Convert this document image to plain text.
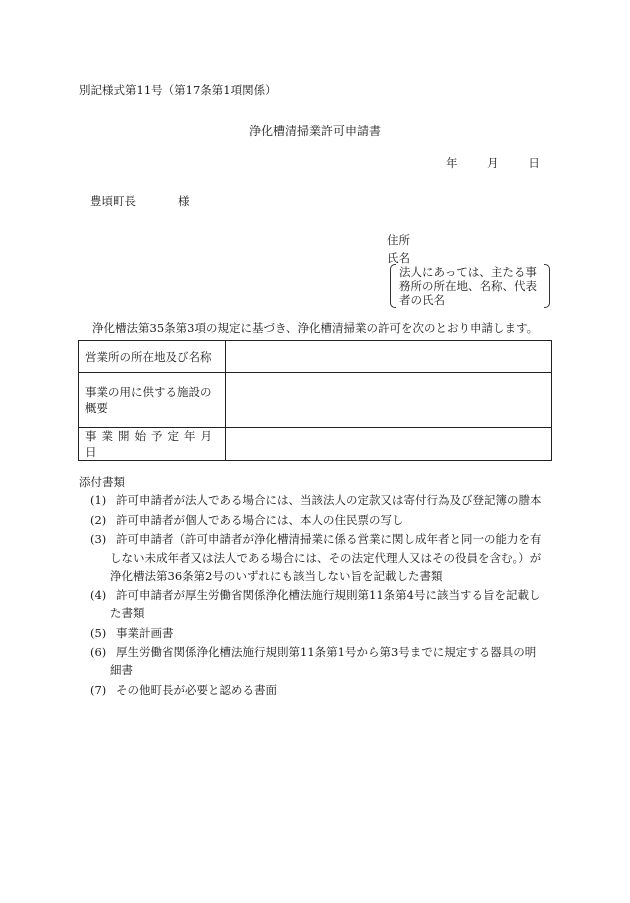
別記様式第11号（第17条第1項関係）
浄化槽清掃業許可申請書
年	月	日
豊頃町長	様
住所
氏名
法人にあっては、主たる事務所の所在地、名称、代表者の氏名
浄化槽法第35条第3項の規定に基づき、浄化槽清掃業の許可を次のとおり申請します。
営業所の所在地及び名称	
事業の用に供する施設の概要	
事業開始予定年月日	
添付書類
(1) 許可申請者が法人である場合には、当該法人の定款又は寄付行為及び登記簿の謄本
(2) 許可申請者が個人である場合には、本人の住民票の写し
(3) 許可申請者（許可申請者が浄化槽清掃業に係る営業に関し成年者と同一の能力を有
しない未成年者又は法人である場合には、その法定代理人又はその役員を含む。）が
浄化槽法第36条第2号のいずれにも該当しない旨を記載した書類
(4) 許可申請者が厚生労働省関係浄化槽法施行規則第11条第4号に該当する旨を記載し
た書類
(5) 事業計画書
(6) 厚生労働省関係浄化槽法施行規則第11条第1号から第3号までに規定する器具の明
細書
(7) その他町長が必要と認める書面
